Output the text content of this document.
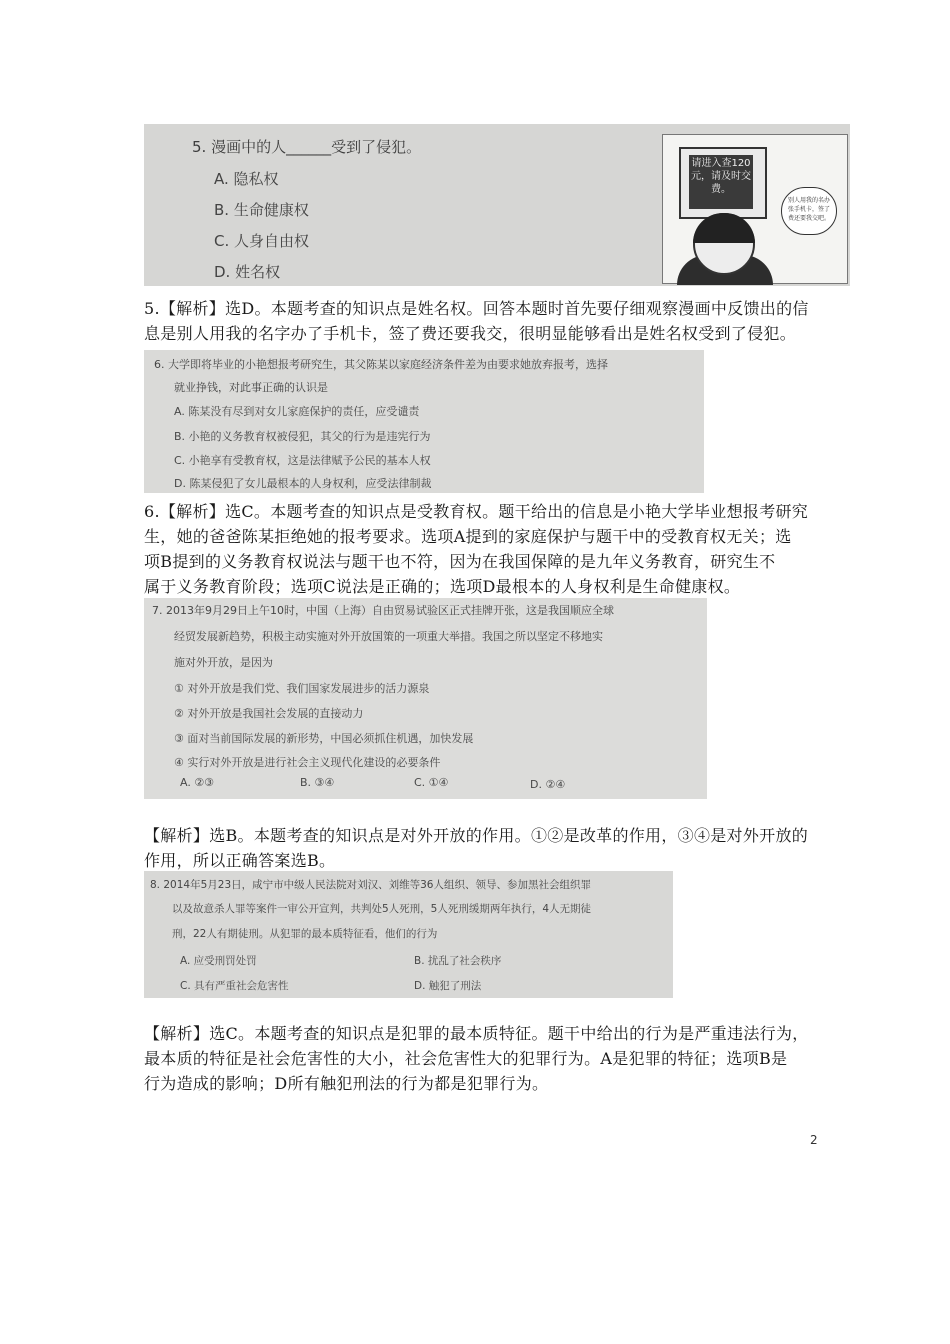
5. 漫画中的人______受到了侵犯。
A. 隐私权
B. 生命健康权
C. 人身自由权
D. 姓名权
请进入查120元，请及时交费。
别人用我的名办张手机卡，签了费还要我交吧。

5.【解析】选D。本题考查的知识点是姓名权。回答本题时首先要仔细观察漫画中反馈出的信
息是别人用我的名字办了手机卡，签了费还要我交，很明显能够看出是姓名权受到了侵犯。

6. 大学即将毕业的小艳想报考研究生，其父陈某以家庭经济条件差为由要求她放弃报考，选择
就业挣钱，对此事正确的认识是
A. 陈某没有尽到对女儿家庭保护的责任，应受谴责
B. 小艳的义务教育权被侵犯，其父的行为是违宪行为
C. 小艳享有受教育权，这是法律赋予公民的基本人权
D. 陈某侵犯了女儿最根本的人身权利，应受法律制裁

6.【解析】选C。本题考查的知识点是受教育权。题干给出的信息是小艳大学毕业想报考研究
生，她的爸爸陈某拒绝她的报考要求。选项A提到的家庭保护与题干中的受教育权无关；选
项B提到的义务教育权说法与题干也不符，因为在我国保障的是九年义务教育，研究生不
属于义务教育阶段；选项C说法是正确的；选项D最根本的人身权利是生命健康权。

7. 2013年9月29日上午10时，中国（上海）自由贸易试验区正式挂牌开张，这是我国顺应全球
经贸发展新趋势，积极主动实施对外开放国策的一项重大举措。我国之所以坚定不移地实
施对外开放，是因为
① 对外开放是我们党、我们国家发展进步的活力源泉
② 对外开放是我国社会发展的直接动力
③ 面对当前国际发展的新形势，中国必须抓住机遇，加快发展
④ 实行对外开放是进行社会主义现代化建设的必要条件
A. ②③	B. ③④	C. ①④	D. ②④

【解析】选B。本题考查的知识点是对外开放的作用。①②是改革的作用，③④是对外开放的
作用，所以正确答案选B。

8. 2014年5月23日，咸宁市中级人民法院对刘汉、刘维等36人组织、领导、参加黑社会组织罪
以及故意杀人罪等案件一审公开宣判，共判处5人死刑，5人死刑缓期两年执行，4人无期徒
刑，22人有期徒刑。从犯罪的最本质特征看，他们的行为
A. 应受刑罚处罚	B. 扰乱了社会秩序
C. 具有严重社会危害性	D. 触犯了刑法

【解析】选C。本题考查的知识点是犯罪的最本质特征。题干中给出的行为是严重违法行为，
最本质的特征是社会危害性的大小，社会危害性大的犯罪行为。A是犯罪的特征；选项B是
行为造成的影响；D所有触犯刑法的行为都是犯罪行为。

2
